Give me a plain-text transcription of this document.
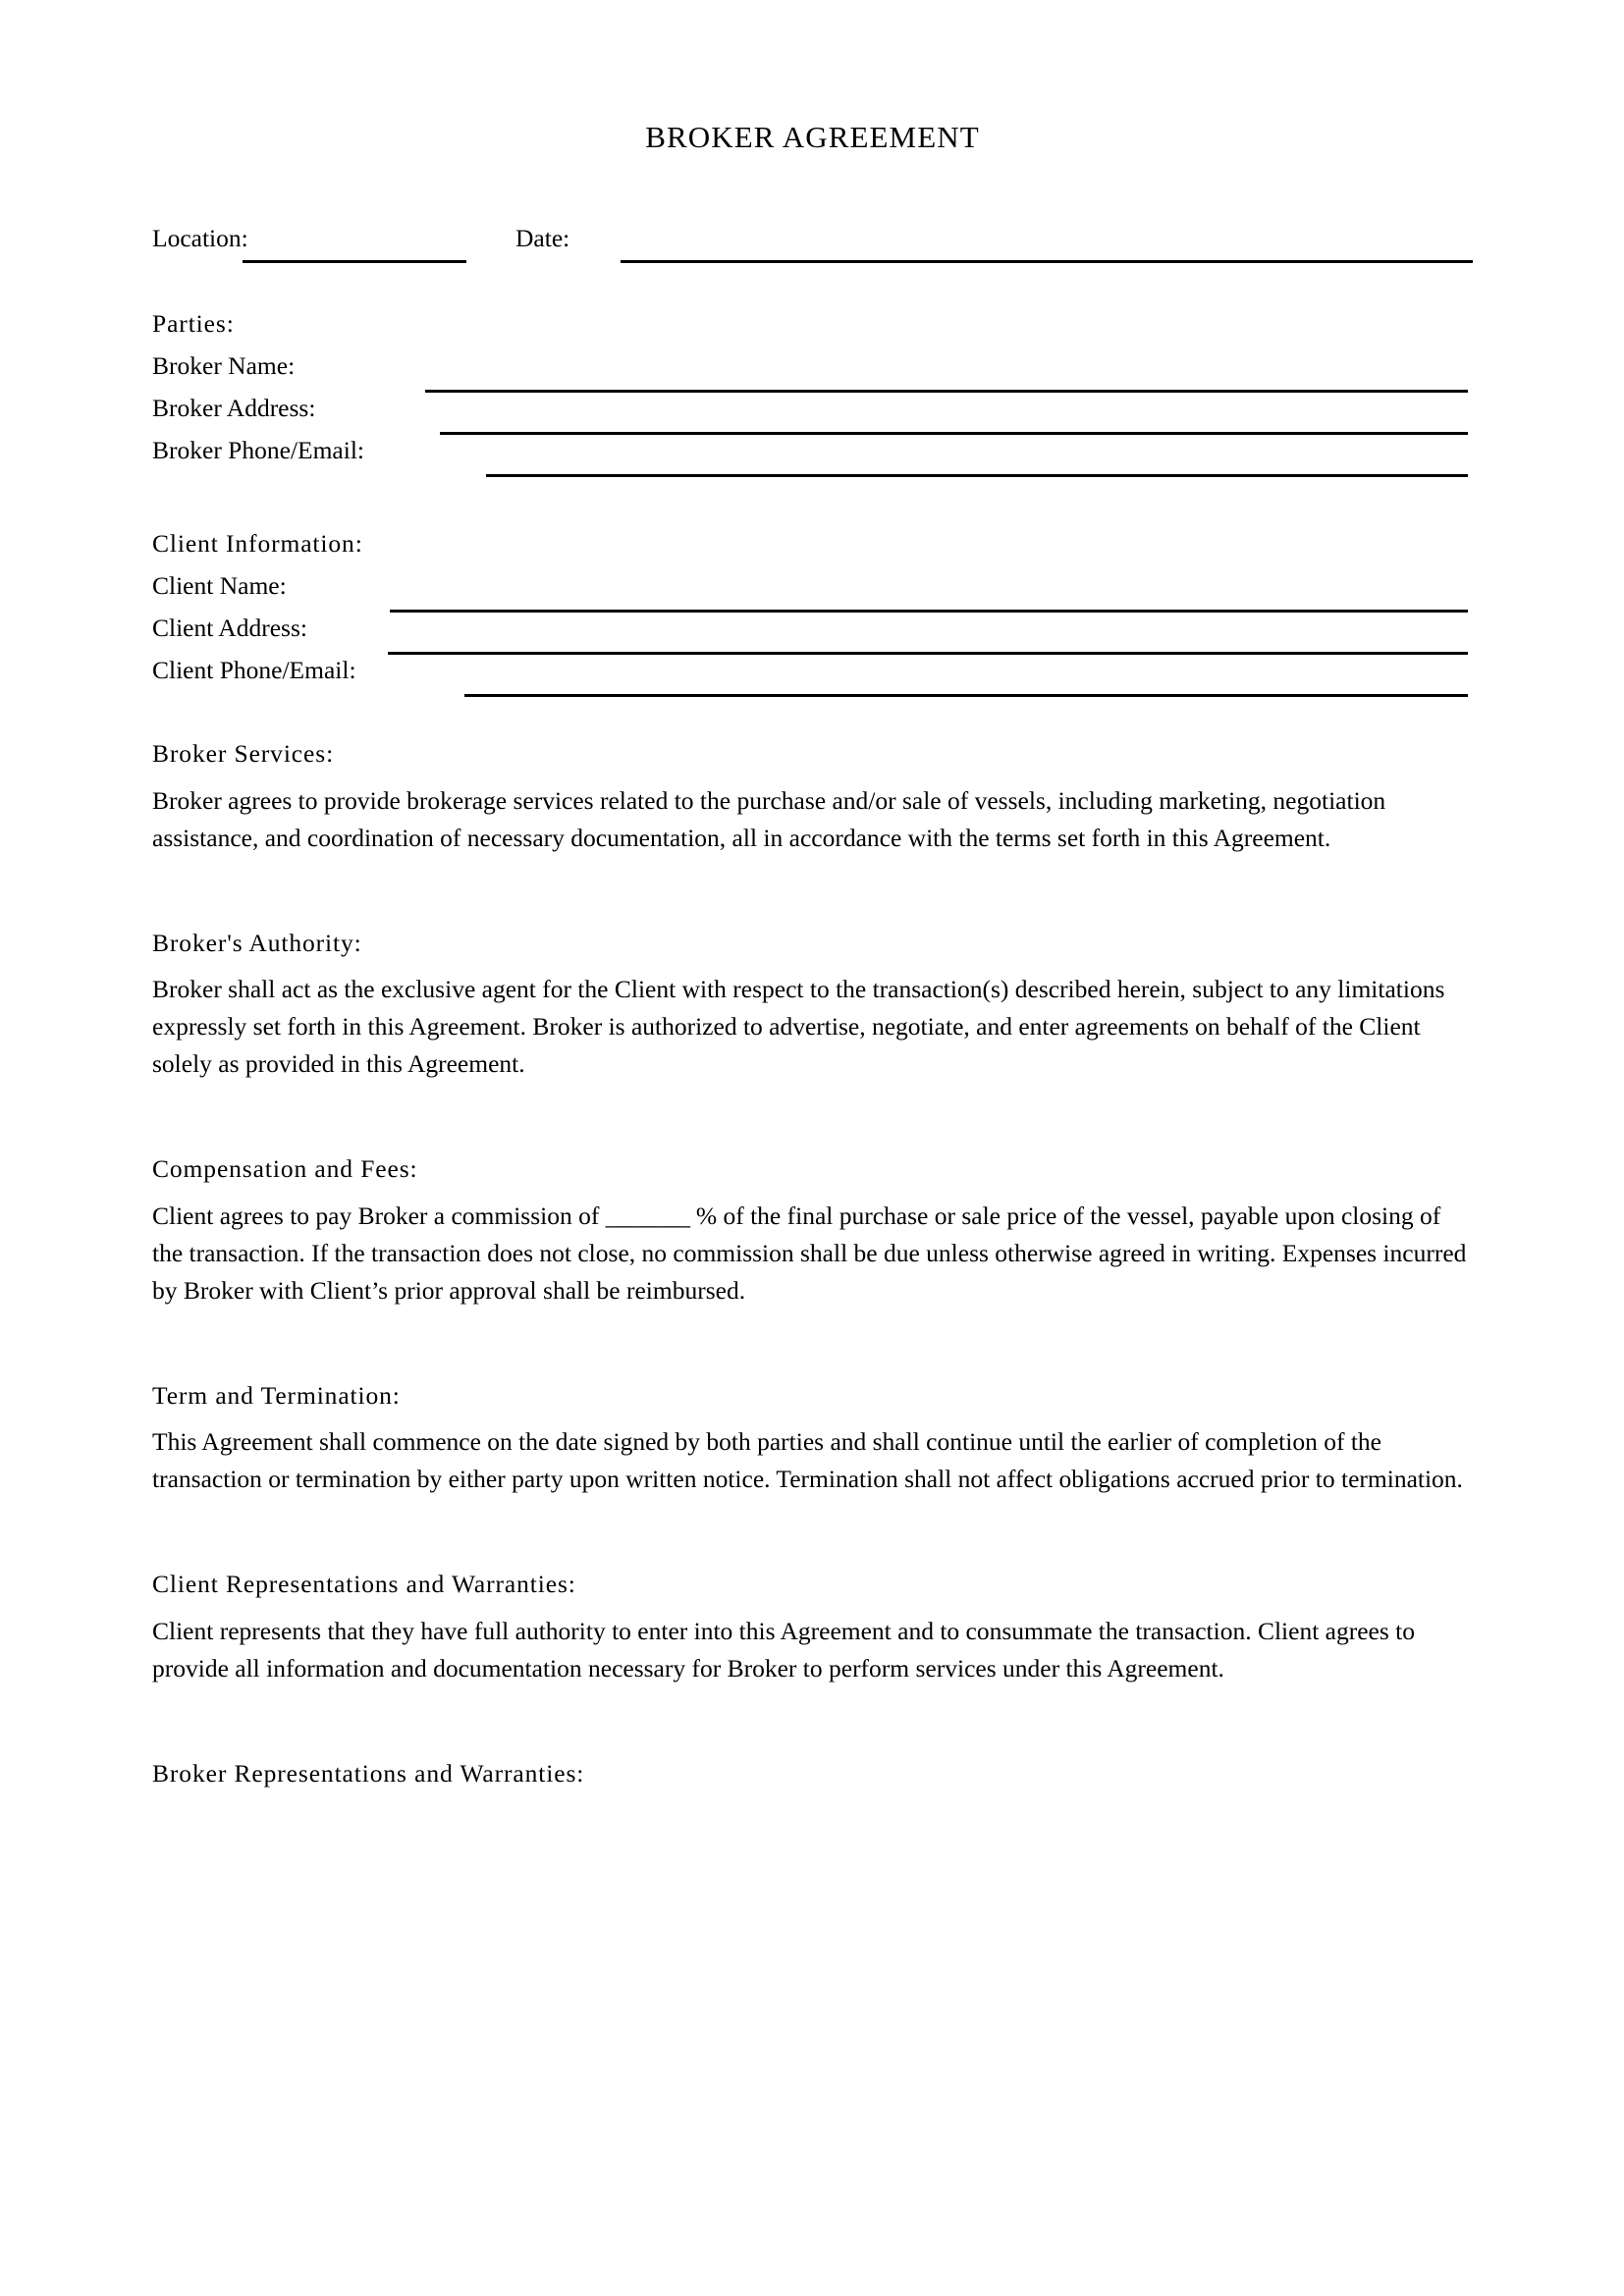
BROKER AGREEMENT
Location:	Date:
Parties:
Broker Name:
Broker Address:
Broker Phone/Email:
Client Information:
Client Name:
Client Address:
Client Phone/Email:
Broker Services:
Broker agrees to provide brokerage services related to the purchase and/or sale of vessels, including marketing, negotiation assistance, and coordination of necessary documentation, all in accordance with the terms set forth in this Agreement.
Broker's Authority:
Broker shall act as the exclusive agent for the Client with respect to the transaction(s) described herein, subject to any limitations expressly set forth in this Agreement. Broker is authorized to advertise, negotiate, and enter agreements on behalf of the Client solely as provided in this Agreement.
Compensation and Fees:
Client agrees to pay Broker a commission of _______ % of the final purchase or sale price of the vessel, payable upon closing of the transaction. If the transaction does not close, no commission shall be due unless otherwise agreed in writing. Expenses incurred by Broker with Client’s prior approval shall be reimbursed.
Term and Termination:
This Agreement shall commence on the date signed by both parties and shall continue until the earlier of completion of the transaction or termination by either party upon written notice. Termination shall not affect obligations accrued prior to termination.
Client Representations and Warranties:
Client represents that they have full authority to enter into this Agreement and to consummate the transaction. Client agrees to provide all information and documentation necessary for Broker to perform services under this Agreement.
Broker Representations and Warranties:
